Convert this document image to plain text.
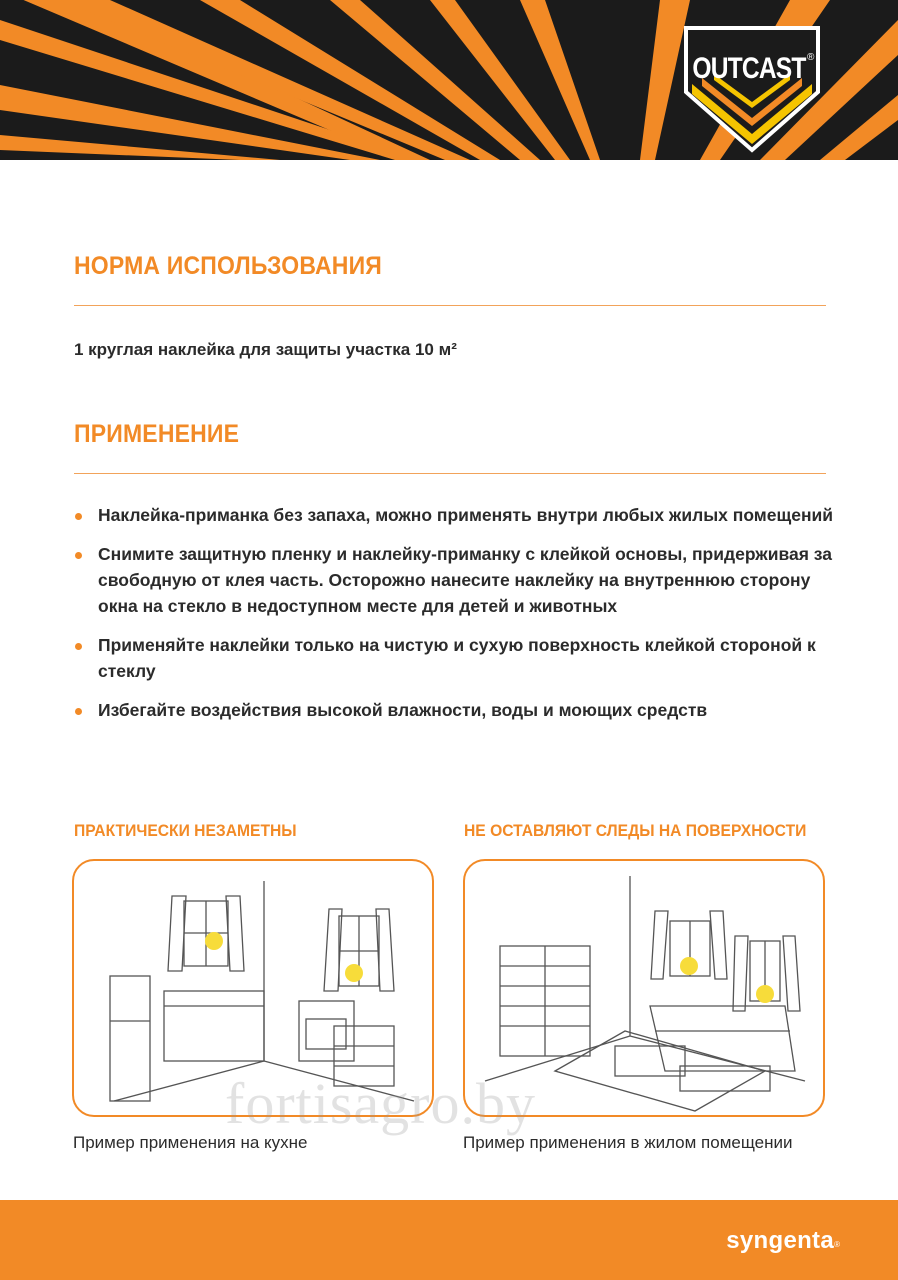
OUTCAST ®
НОРМА ИСПОЛЬЗОВАНИЯ
1 круглая наклейка для защиты участка 10 м²
ПРИМЕНЕНИЕ
Наклейка-приманка без запаха, можно применять внутри любых жилых помещений
Снимите защитную пленку и наклейку-приманку с клейкой основы, придерживая за свободную от клея часть. Осторожно нанесите наклейку на внутреннюю сторону окна на стекло в недоступном месте для детей и животных
Применяйте наклейки только на чистую и сухую поверхность клейкой стороной к стеклу
Избегайте воздействия высокой влажности, воды и моющих средств
ПРАКТИЧЕСКИ НЕЗАМЕТНЫ	НЕ ОСТАВЛЯЮТ СЛЕДЫ НА ПОВЕРХНОСТИ
Пример применения на кухне	Пример применения в жилом помещении
fortisagro.by
syngenta ®
